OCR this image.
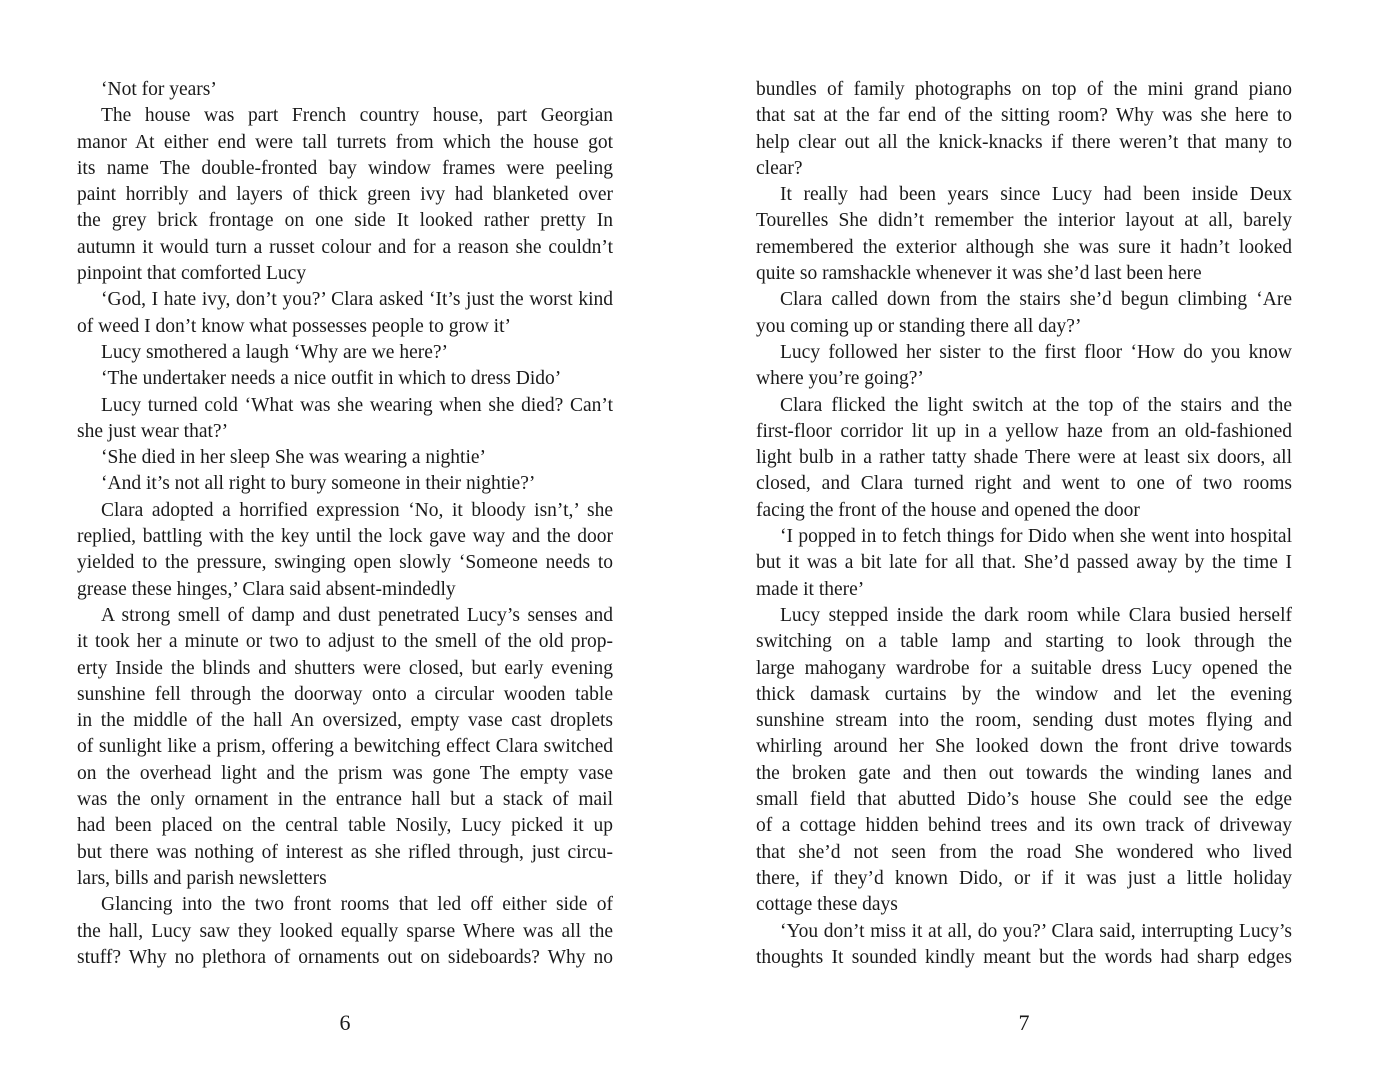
‘Not for years’
The house was part French country house, part Georgian
manor At either end were tall turrets from which the house got
its name The double-fronted bay window frames were peeling
paint horribly and layers of thick green ivy had blanketed over
the grey brick frontage on one side It looked rather pretty In
autumn it would turn a russet colour and for a reason she couldn’t
pinpoint that comforted Lucy
‘God, I hate ivy, don’t you?’ Clara asked ‘It’s just the worst kind
of weed I don’t know what possesses people to grow it’
Lucy smothered a laugh ‘Why are we here?’
‘The undertaker needs a nice outfit in which to dress Dido’
Lucy turned cold ‘What was she wearing when she died? Can’t
she just wear that?’
‘She died in her sleep She was wearing a nightie’
‘And it’s not all right to bury someone in their nightie?’
Clara adopted a horrified expression ‘No, it bloody isn’t,’ she
replied, battling with the key until the lock gave way and the door
yielded to the pressure, swinging open slowly ‘Someone needs to
grease these hinges,’ Clara said absent-mindedly
A strong smell of damp and dust penetrated Lucy’s senses and
it took her a minute or two to adjust to the smell of the old prop-
erty Inside the blinds and shutters were closed, but early evening
sunshine fell through the doorway onto a circular wooden table
in the middle of the hall An oversized, empty vase cast droplets
of sunlight like a prism, offering a bewitching effect Clara switched
on the overhead light and the prism was gone The empty vase
was the only ornament in the entrance hall but a stack of mail
had been placed on the central table Nosily, Lucy picked it up
but there was nothing of interest as she rifled through, just circu-
lars, bills and parish newsletters
Glancing into the two front rooms that led off either side of
the hall, Lucy saw they looked equally sparse Where was all the
stuff? Why no plethora of ornaments out on sideboards? Why no
bundles of family photographs on top of the mini grand piano
that sat at the far end of the sitting room? Why was she here to
help clear out all the knick-knacks if there weren’t that many to
clear?
It really had been years since Lucy had been inside Deux
Tourelles She didn’t remember the interior layout at all, barely
remembered the exterior although she was sure it hadn’t looked
quite so ramshackle whenever it was she’d last been here
Clara called down from the stairs she’d begun climbing ‘Are
you coming up or standing there all day?’
Lucy followed her sister to the first floor ‘How do you know
where you’re going?’
Clara flicked the light switch at the top of the stairs and the
first-floor corridor lit up in a yellow haze from an old-fashioned
light bulb in a rather tatty shade There were at least six doors, all
closed, and Clara turned right and went to one of two rooms
facing the front of the house and opened the door
‘I popped in to fetch things for Dido when she went into hospital
but it was a bit late for all that. She’d passed away by the time I
made it there’
Lucy stepped inside the dark room while Clara busied herself
switching on a table lamp and starting to look through the
large mahogany wardrobe for a suitable dress Lucy opened the
thick damask curtains by the window and let the evening
sunshine stream into the room, sending dust motes flying and
whirling around her She looked down the front drive towards
the broken gate and then out towards the winding lanes and
small field that abutted Dido’s house She could see the edge
of a cottage hidden behind trees and its own track of driveway
that she’d not seen from the road She wondered who lived
there, if they’d known Dido, or if it was just a little holiday
cottage these days
‘You don’t miss it at all, do you?’ Clara said, interrupting Lucy’s
thoughts It sounded kindly meant but the words had sharp edges
6	7
